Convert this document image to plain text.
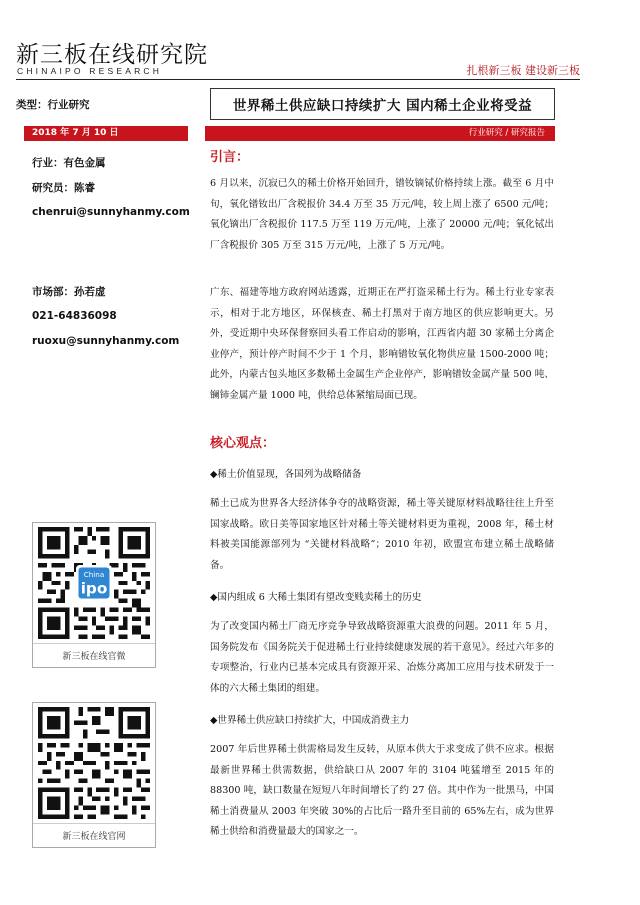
新三板在线研究院
CHINAIPO RESEARCH	扎根新三板 建设新三板
类型：行业研究	世界稀土供应缺口持续扩大 国内稀土企业将受益
2018 年 7 月 10 日	行业研究 / 研究报告
行业：有色金属
研究员：陈睿
chenrui@sunnyhanmy.com
市场部：孙若虚
021-64836098
ruoxu@sunnyhanmy.com
China
ipo
新三板在线官微
新三板在线官网
引言：

6 月以来，沉寂已久的稀土价格开始回升，镨钕镝铽价格持续上涨。截至 6 月中旬，氧化镨钕出厂含税报价 34.4 万至 35 万元/吨，较上周上涨了 6500 元/吨；氧化镝出厂含税报价 117.5 万至 119 万元/吨，上涨了 20000 元/吨；氧化铽出厂含税报价 305 万至 315 万元/吨，上涨了 5 万元/吨。

广东、福建等地方政府网站透露，近期正在严打盗采稀土行为。稀土行业专家表示，相对于北方地区，环保核查、稀土打黑对于南方地区的供应影响更大。另外，受近期中央环保督察回头看工作启动的影响，江西省内超 30 家稀土分离企业停产，预计停产时间不少于 1 个月，影响镨钕氧化物供应量 1500-2000 吨；此外，内蒙古包头地区多数稀土金属生产企业停产，影响镨钕金属产量 500 吨、镧铈金属产量 1000 吨，供给总体紧缩局面已现。

核心观点：
◆稀土价值显现，各国列为战略储备

稀土已成为世界各大经济体争夺的战略资源，稀土等关键原材料战略往往上升至国家战略。欧日美等国家地区针对稀土等关键材料更为重视，2008 年，稀土材料被美国能源部列为 “关键材料战略”；2010 年初，欧盟宣布建立稀土战略储备。

◆国内组成 6 大稀土集团有望改变贱卖稀土的历史

为了改变国内稀土厂商无序竞争导致战略资源重大浪费的问题。2011 年 5 月，国务院发布《国务院关于促进稀土行业持续健康发展的若干意见》。经过六年多的专项整治，行业内已基本完成具有资源开采、冶炼分离加工应用与技术研发于一体的六大稀土集团的组建。

◆世界稀土供应缺口持续扩大，中国成消费主力

2007 年后世界稀土供需格局发生反转，从原本供大于求变成了供不应求。根据最新世界稀土供需数据，供给缺口从 2007 年的 3104 吨猛增至 2015 年的 88300 吨，缺口数量在短短八年时间增长了约 27 倍。其中作为一批黑马，中国稀土消费量从 2003 年突破 30%的占比后一路升至目前的 65%左右，成为世界稀土供给和消费量最大的国家之一。
